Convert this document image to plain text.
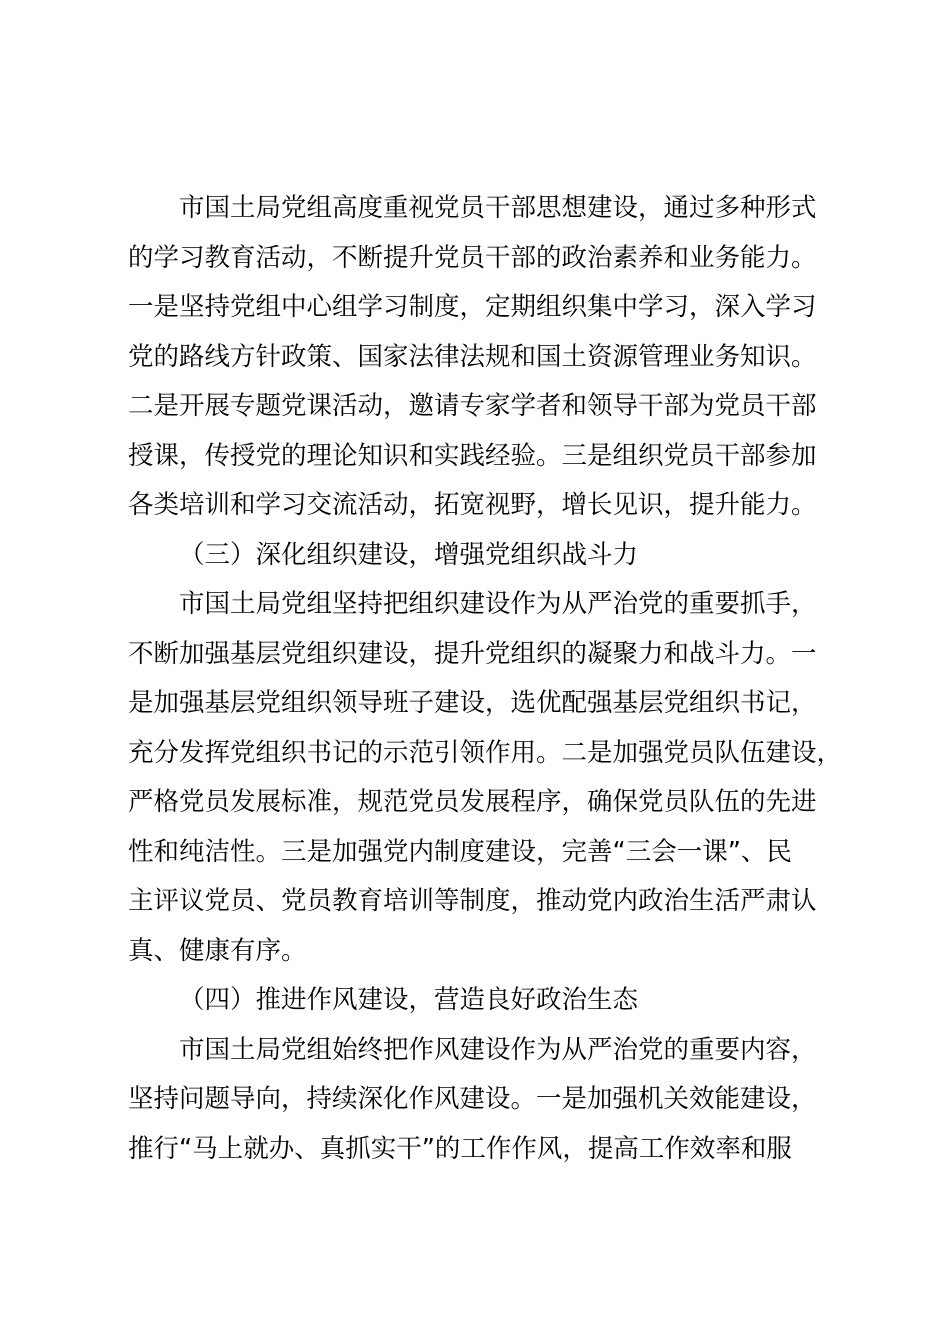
市国土局党组高度重视党员干部思想建设，通过多种形式
的学习教育活动，不断提升党员干部的政治素养和业务能力。
一是坚持党组中心组学习制度，定期组织集中学习，深入学习
党的路线方针政策、国家法律法规和国土资源管理业务知识。
二是开展专题党课活动，邀请专家学者和领导干部为党员干部
授课，传授党的理论知识和实践经验。三是组织党员干部参加
各类培训和学习交流活动，拓宽视野，增长见识，提升能力。
（三）深化组织建设，增强党组织战斗力
市国土局党组坚持把组织建设作为从严治党的重要抓手，
不断加强基层党组织建设，提升党组织的凝聚力和战斗力。一
是加强基层党组织领导班子建设，选优配强基层党组织书记，
充分发挥党组织书记的示范引领作用。二是加强党员队伍建设，
严格党员发展标准，规范党员发展程序，确保党员队伍的先进
性和纯洁性。三是加强党内制度建设，完善“三会一课”、民
主评议党员、党员教育培训等制度，推动党内政治生活严肃认
真、健康有序。
（四）推进作风建设，营造良好政治生态
市国土局党组始终把作风建设作为从严治党的重要内容，
坚持问题导向，持续深化作风建设。一是加强机关效能建设，
推行“马上就办、真抓实干”的工作作风，提高工作效率和服
